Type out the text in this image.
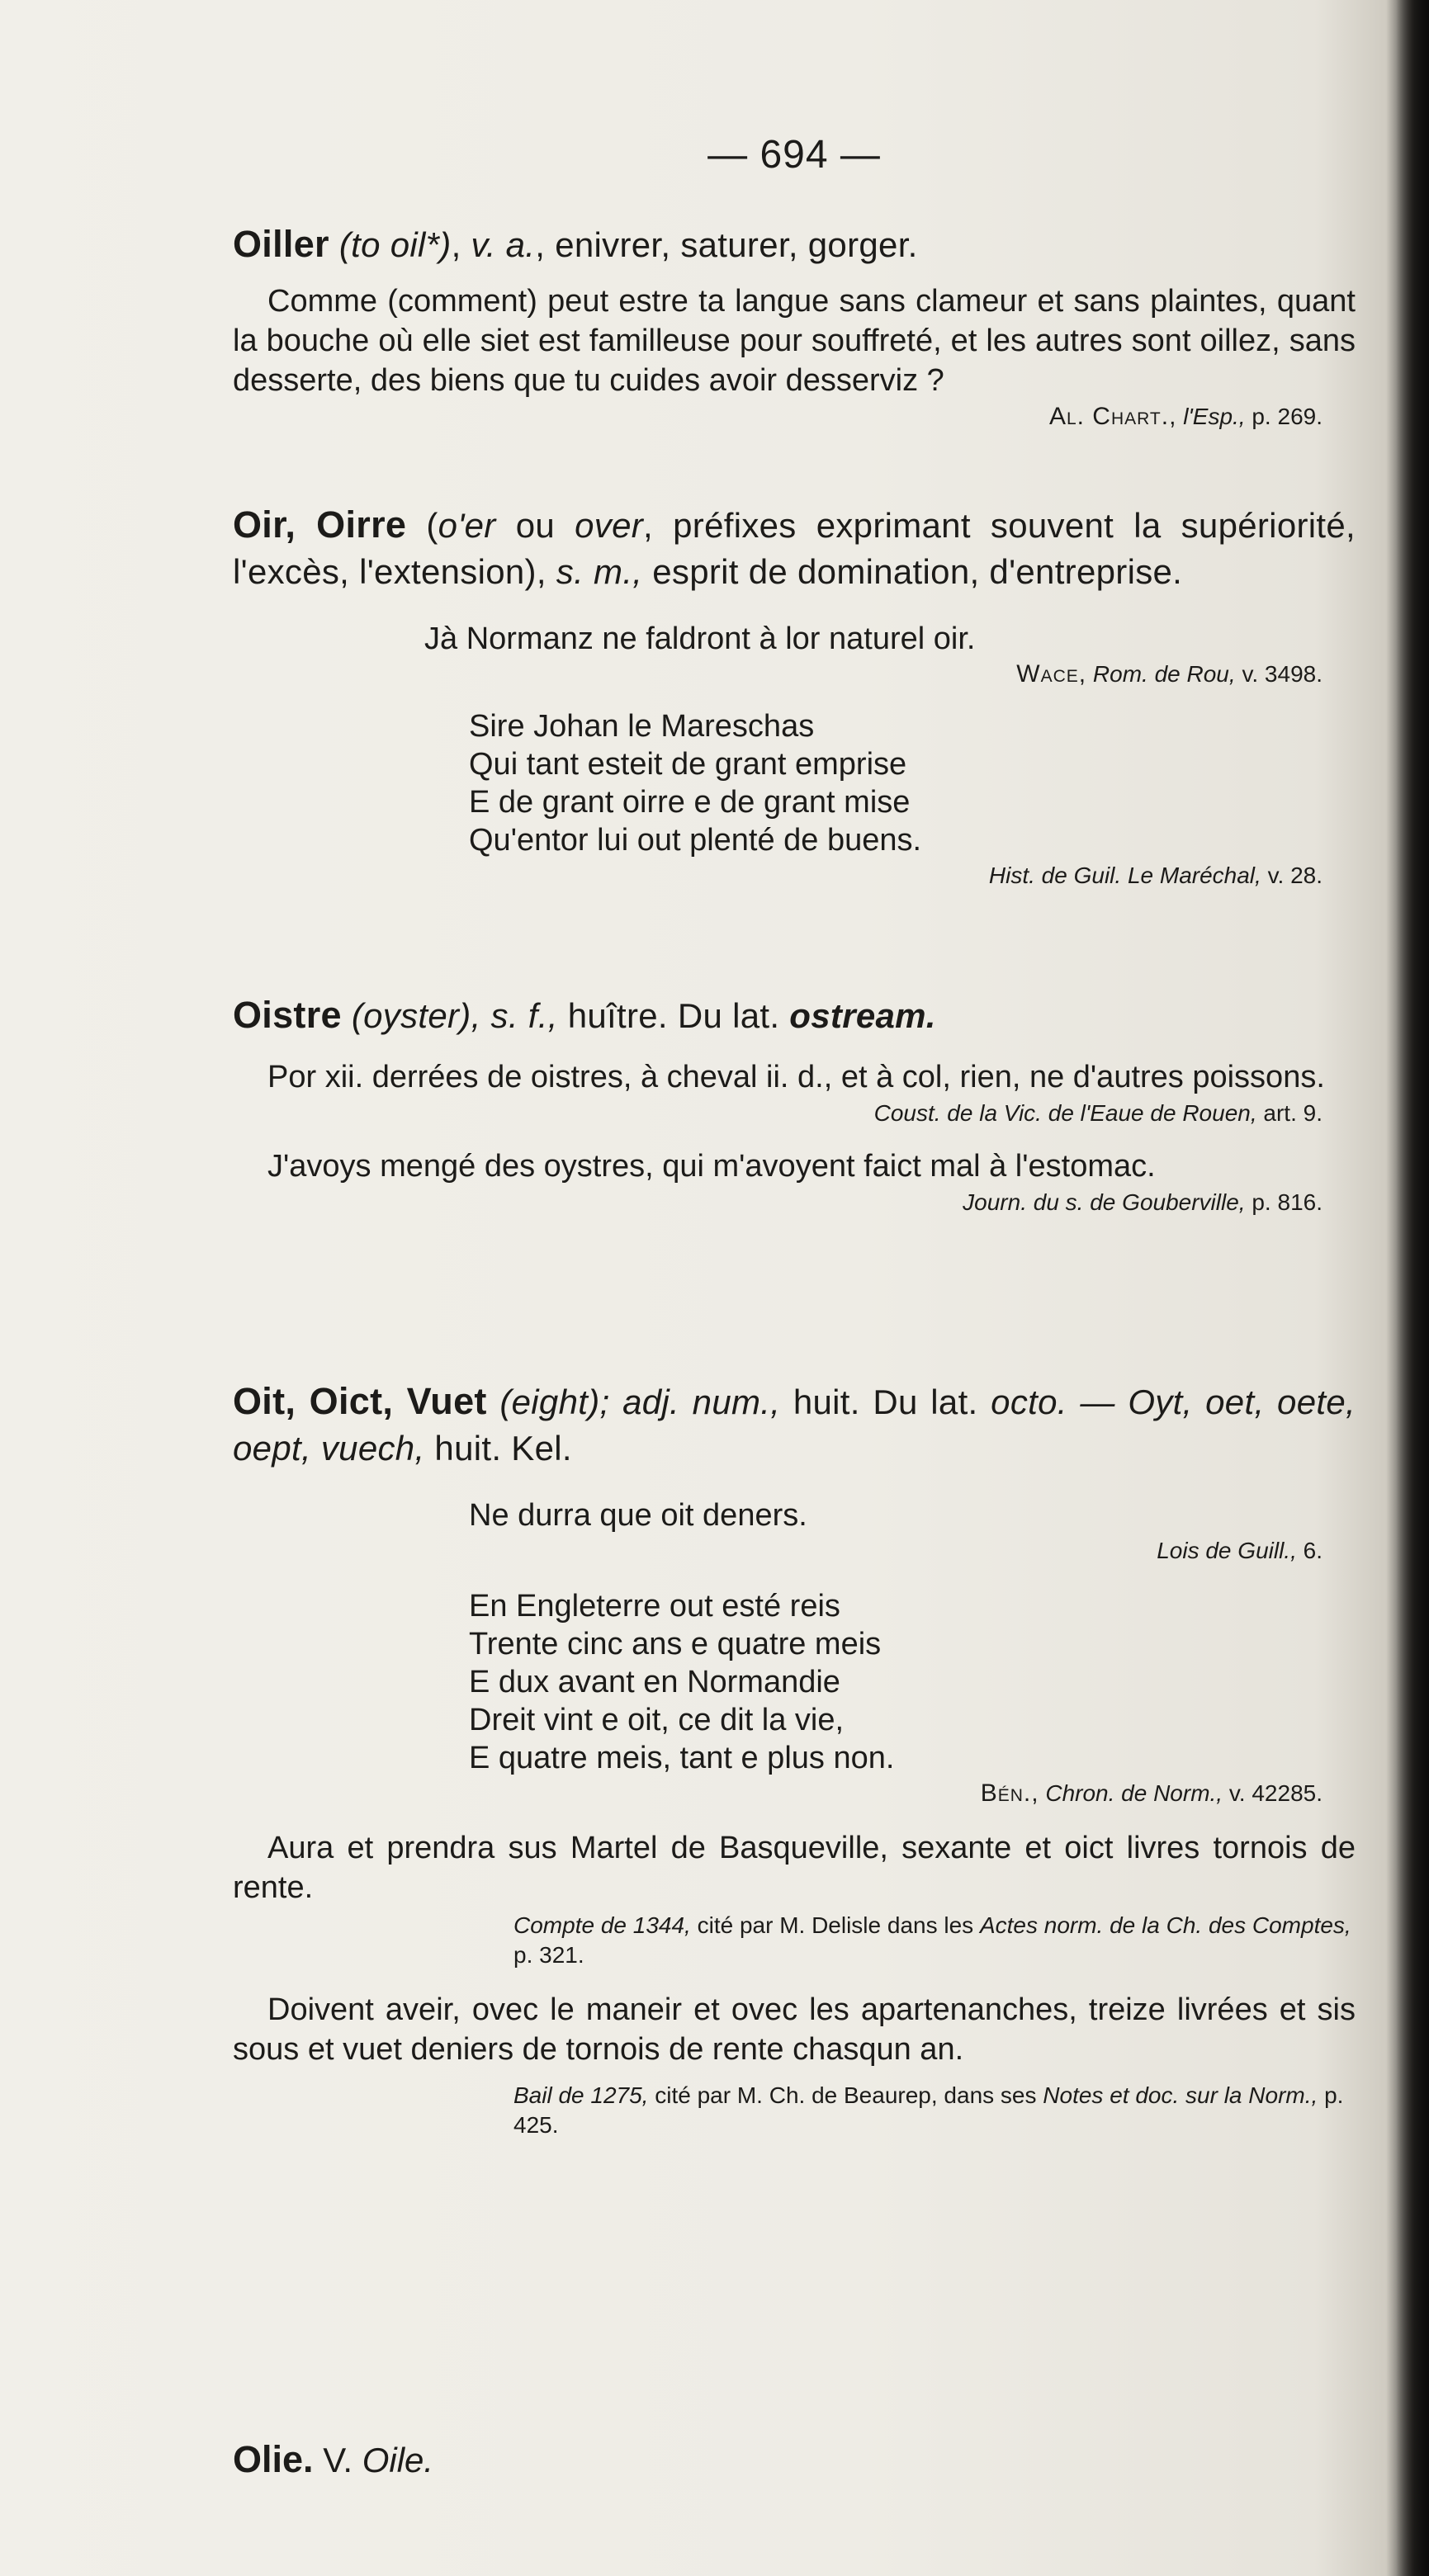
— 694 —

Oiller (to oil*), v. a., enivrer, saturer, gorger.

Comme (comment) peut estre ta langue sans clameur et sans plaintes, quant la bouche où elle siet est familleuse pour souffreté, et les autres sont oillez, sans desserte, des biens que tu cuides avoir desserviz ?

Al. Chart., l'Esp., p. 269.

Oir, Oirre (o'er ou over, préfixes exprimant souvent la supériorité, l'excès, l'extension), s. m., esprit de domination, d'entreprise.

Jà Normanz ne faldront à lor naturel oir.

Wace, Rom. de Rou, v. 3498.

Sire Johan le Mareschas
Qui tant esteit de grant emprise
E de grant oirre e de grant mise
Qu'entor lui out plenté de buens.

Hist. de Guil. Le Maréchal, v. 28.

Oistre (oyster), s. f., huître. Du lat. ostream.

Por xii. derrées de oistres, à cheval ii. d., et à col, rien, ne d'autres poissons.

Coust. de la Vic. de l'Eaue de Rouen, art. 9.

J'avoys mengé des oystres, qui m'avoyent faict mal à l'estomac.

Journ. du s. de Gouberville, p. 816.

Oit, Oict, Vuet (eight); adj. num., huit. Du lat. octo. — Oyt, oet, oete, oept, vuech, huit. Kel.

Ne durra que oit deners.

Lois de Guill., 6.

En Engleterre out esté reis
Trente cinc ans e quatre meis
E dux avant en Normandie
Dreit vint e oit, ce dit la vie,
E quatre meis, tant e plus non.

Bén., Chron. de Norm., v. 42285.

Aura et prendra sus Martel de Basqueville, sexante et oict livres tornois de rente.

Compte de 1344, cité par M. Delisle dans les Actes norm. de la Ch. des Comptes, p. 321.

Doivent aveir, ovec le maneir et ovec les apartenanches, treize livrées et sis sous et vuet deniers de tornois de rente chasqun an.

Bail de 1275, cité par M. Ch. de Beaurep, dans ses Notes et doc. sur la Norm., p. 425.

Olie. V. Oile.
